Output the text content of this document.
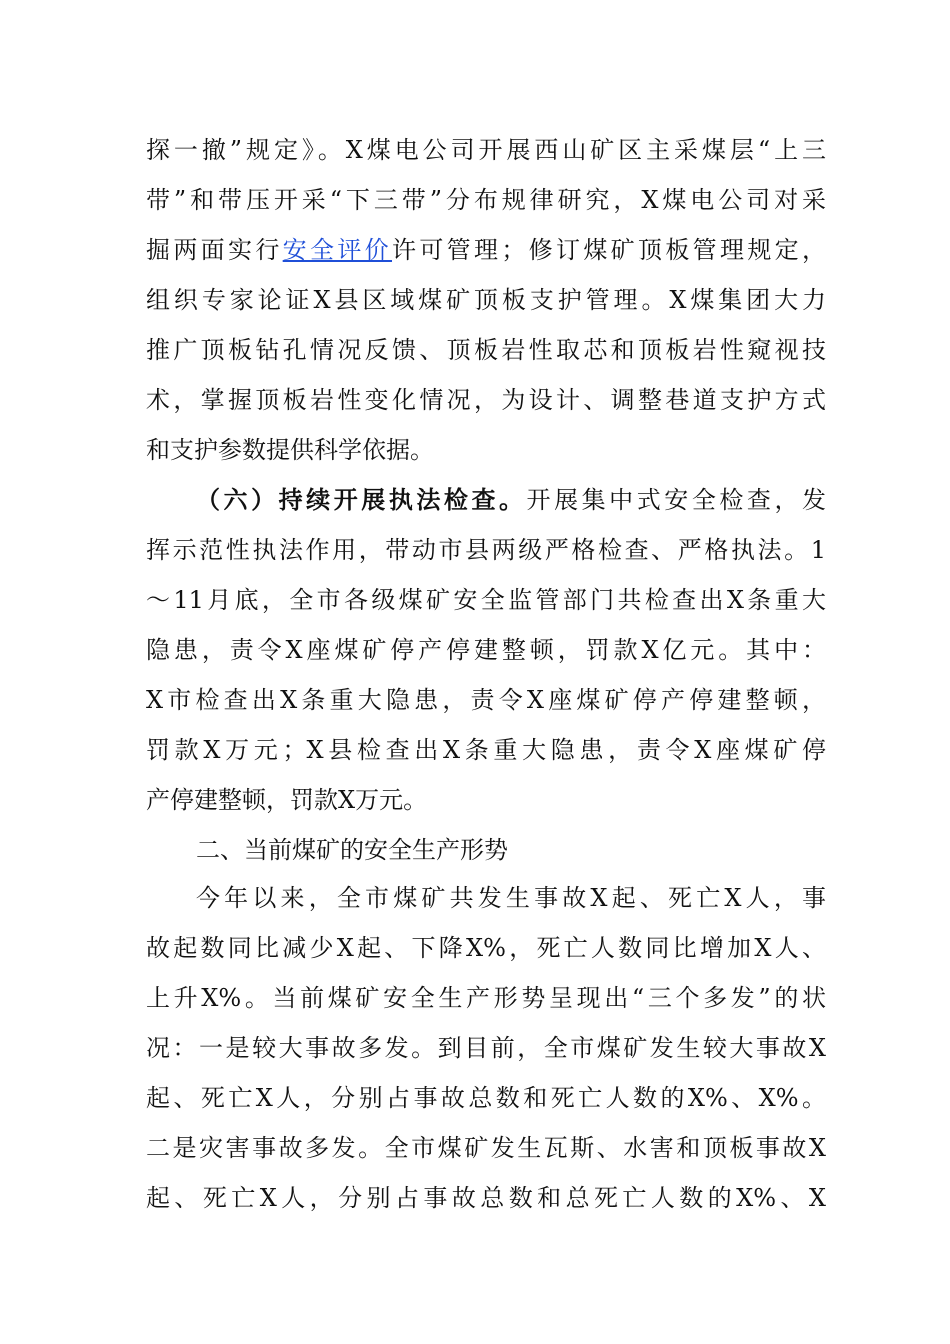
探一撤”规定》。X煤电公司开展西山矿区主采煤层“上三
带”和带压开采“下三带”分布规律研究，X煤电公司对采
掘两面实行安全评价许可管理；修订煤矿顶板管理规定，
组织专家论证X县区域煤矿顶板支护管理。X煤集团大力
推广顶板钻孔情况反馈、顶板岩性取芯和顶板岩性窥视技
术，掌握顶板岩性变化情况，为设计、调整巷道支护方式
和支护参数提供科学依据。
（六）持续开展执法检查。开展集中式安全检查，发
挥示范性执法作用，带动市县两级严格检查、严格执法。1
～11月底，全市各级煤矿安全监管部门共检查出X条重大
隐患，责令X座煤矿停产停建整顿，罚款X亿元。其中：
X市检查出X条重大隐患，责令X座煤矿停产停建整顿，
罚款X万元；X县检查出X条重大隐患，责令X座煤矿停
产停建整顿，罚款X万元。
二、当前煤矿的安全生产形势
今年以来，全市煤矿共发生事故X起、死亡X人，事
故起数同比减少X起、下降X%，死亡人数同比增加X人、
上升X%。当前煤矿安全生产形势呈现出“三个多发”的状
况：一是较大事故多发。到目前，全市煤矿发生较大事故X
起、死亡X人，分别占事故总数和死亡人数的X%、X%。
二是灾害事故多发。全市煤矿发生瓦斯、水害和顶板事故X
起、死亡X人，分别占事故总数和总死亡人数的X%、X
